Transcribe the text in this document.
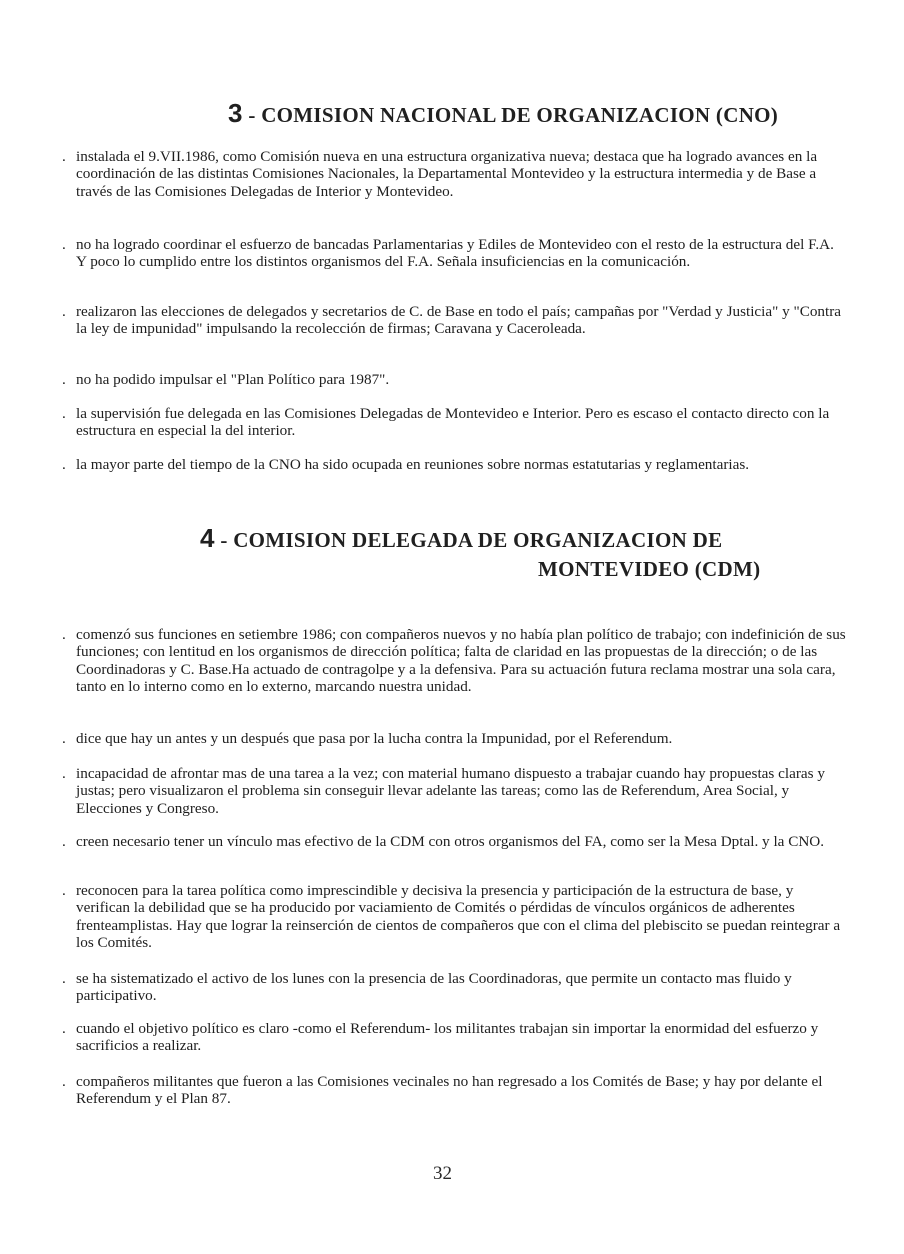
3 - COMISION NACIONAL DE ORGANIZACION (CNO)
. instalada el 9.VII.1986, como Comisión nueva en una estructura organizativa nueva; destaca que ha logrado avances en la coordinación de las distintas Comisiones Nacionales, la Departamental Montevideo y la estructura intermedia y de Base a través de las Comisiones Delegadas de Interior y Montevideo.
. no ha logrado coordinar el esfuerzo de bancadas Parlamentarias y Ediles de Montevideo con el resto de la estructura del F.A. Y poco lo cumplido entre los distintos organismos del F.A. Señala insuficiencias en la comunicación.
. realizaron las elecciones de delegados y secretarios de C. de Base en todo el país; campañas por "Verdad y Justicia" y "Contra la ley de impunidad" impulsando la recolección de firmas; Caravana y Caceroleada.
. no ha podido impulsar el "Plan Político para 1987".
. la supervisión fue delegada en las Comisiones Delegadas de Montevideo e Interior. Pero es escaso el contacto directo con la estructura en especial la del interior.
. la mayor parte del tiempo de la CNO ha sido ocupada en reuniones sobre normas estatutarias y reglamentarias.
4 - COMISION DELEGADA DE ORGANIZACION DE
MONTEVIDEO (CDM)
. comenzó sus funciones en setiembre 1986; con compañeros nuevos y no había plan político de trabajo; con indefinición de sus funciones; con lentitud en los organismos de dirección política; falta de claridad en las propuestas de la dirección; o de las Coordinadoras y C. Base.Ha actuado de contragolpe y a la defensiva. Para su actuación futura reclama mostrar una sola cara, tanto en lo interno como en lo externo, marcando nuestra unidad.
. dice que hay un antes y un después que pasa por la lucha contra la Impunidad, por el Referendum.
. incapacidad de afrontar mas de una tarea a la vez; con material humano dispuesto a trabajar cuando hay propuestas claras y justas; pero visualizaron el problema sin conseguir llevar adelante las tareas; como las de Referendum, Area Social, y Elecciones y Congreso.
. creen necesario tener un vínculo mas efectivo de la CDM con otros organismos del FA, como ser la Mesa Dptal. y la CNO.
. reconocen para la tarea política como imprescindible y decisiva la presencia y participación de la estructura de base, y verifican la debilidad que se ha producido por vaciamiento de Comités o pérdidas de vínculos orgánicos de adherentes frenteamplistas. Hay que lograr la reinserción de cientos de compañeros que con el clima del plebiscito se puedan reintegrar a los Comités.
. se ha sistematizado el activo de los lunes con la presencia de las Coordinadoras, que permite un contacto mas fluido y participativo.
. cuando el objetivo político es claro -como el Referendum- los militantes trabajan sin importar la enormidad del esfuerzo y sacrificios a realizar.
. compañeros militantes que fueron a las Comisiones vecinales no han regresado a los Comités de Base; y hay por delante el Referendum y el Plan 87.
32
